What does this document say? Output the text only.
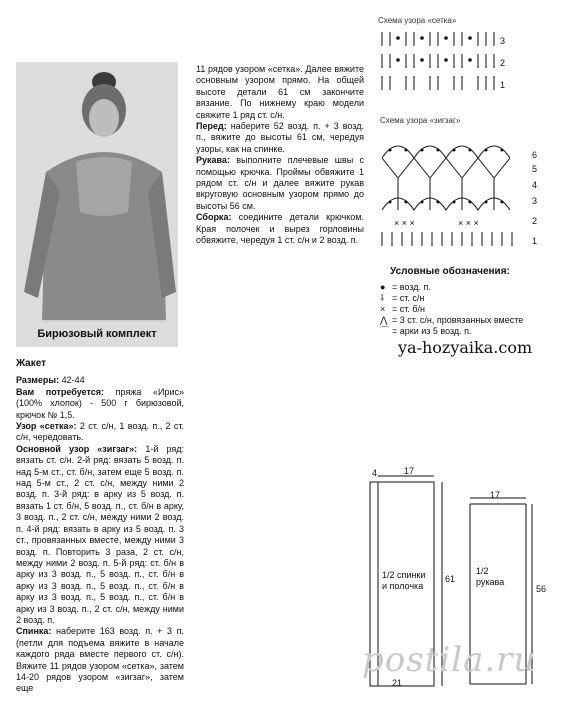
Бирюзовый комплект

Жакет

Размеры: 42-44

Вам потребуется: пряжа «Ирис» (100% хлопок) - 500 г бирюзовой, крючок № 1,5.

Узор «сетка»: 2 ст. с/н, 1 возд. п., 2 ст. с/н, чередовать.

Основной узор «зигзаг»: 1-й ряд: вязать ст. с/н. 2-й ряд: вязать 5 возд. п. над 5-м ст., ст. б/н, затем еще 5 возд. п. над 5-м ст., 2 ст. с/н, между ними 2 возд. п. 3-й ряд: в арку из 5 возд. п. вязать 1 ст. б/н, 5 возд. п., ст. б/н в арку, 3 возд. п., 2 ст. с/н, между ними 2 возд. п. 4-й ряд: вязать в арку из 5 возд. п. 3 ст., провязанных вместе, между ними 3 возд. п. Повторить 3 раза, 2 ст. с/н, между ними 2 возд. п. 5-й ряд: ст. б/н в арку из 3 возд. п., 5 возд. п., ст. б/н в арку из 3 возд. п., 5 возд. п., ст. б/н в арку из 3 возд. п., 5 возд. п., ст. б/н в арку из 3 возд. п., 2 ст. с/н, между ними 2 возд. п.

Спинка: наберите 163 возд. п. + 3 п. (петли для подъема вяжите в начале каждого ряда вместе первого ст. с/н). Вяжите 11 рядов узором «сетка», затем 14-20 рядов узором «зигзаг», затем еще

11 рядов узором «сетка». Далее вяжите основным узором прямо. На общей высоте детали 61 см закончите вязание. По нижнему краю модели свяжите 1 ряд ст. с/н.

Перед: наберите 52 возд. п. + 3 возд. п., вяжите до высоты 61 см, чередуя узоры, как на спинке.

Рукава: выполните плечевые швы с помощью крючка. Проймы обвяжите 1 рядом ст. с/н и далее вяжите рукав вкруговую основным узором прямо до высоты 56 см.

Сборка: соедините детали крючком. Края полочек и вырез горловины обвяжите, чередуя 1 ст. с/н и 2 возд. п.

Схема узора «сетка»
3
2
1
Схема узора «зигзаг»
× × ×	× × ×
6
5
4
3
2
1
Условные обозначения:
● = возд. п.
⸸ = ст. с/н
× = ст. б/н
⋀ = 3 ст. с/н, провязанных вместе
⌒ = арки из 5 возд. п.
ya-hozyaika.com
4	17
1/2 спинки и полочка
61
21
17
1/2 рукава
56
postila.ru
